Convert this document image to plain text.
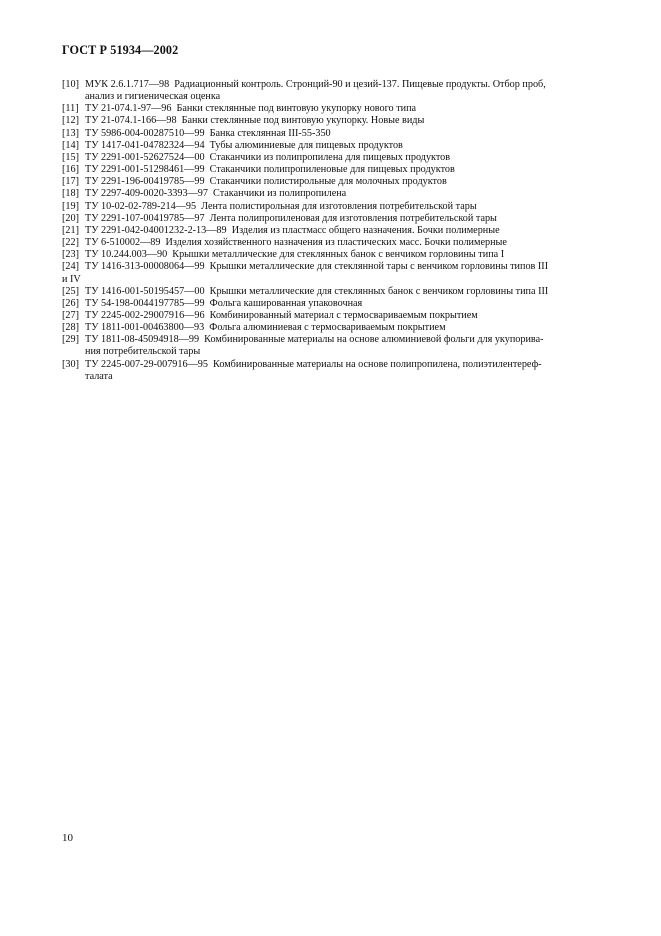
ГОСТ Р 51934—2002
[10] МУК 2.6.1.717—98  Радиационный контроль. Стронций-90 и цезий-137. Пищевые продукты. Отбор проб,
анализ и гигиеническая оценка
[11] ТУ 21-074.1-97—96  Банки стеклянные под винтовую укупорку нового типа
[12] ТУ 21-074.1-166—98  Банки стеклянные под винтовую укупорку. Новые виды
[13] ТУ 5986-004-00287510—99  Банка стеклянная III-55-350
[14] ТУ 1417-041-04782324—94  Тубы алюминиевые для пищевых продуктов
[15] ТУ 2291-001-52627524—00  Стаканчики из полипропилена для пищевых продуктов
[16] ТУ 2291-001-51298461—99  Стаканчики полипропиленовые для пищевых продуктов
[17] ТУ 2291-196-00419785—99  Стаканчики полистирольные для молочных продуктов
[18] ТУ 2297-409-0020-3393—97  Стаканчики из полипропилена
[19] ТУ 10-02-02-789-214—95  Лента полистирольная для изготовления потребительской тары
[20] ТУ 2291-107-00419785—97  Лента полипропиленовая для изготовления потребительской тары
[21] ТУ 2291-042-04001232-2-13—89  Изделия из пластмасс общего назначения. Бочки полимерные
[22] ТУ 6-510002—89  Изделия хозяйственного назначения из пластических масс. Бочки полимерные
[23] ТУ 10.244.003—90  Крышки металлические для стеклянных банок с венчиком горловины типа I
[24] ТУ 1416-313-00008064—99  Крышки металлические для стеклянной тары с венчиком горловины типов III
и IV
[25] ТУ 1416-001-50195457—00  Крышки металлические для стеклянных банок с венчиком горловины типа III
[26] ТУ 54-198-0044197785—99  Фольга кашированная упаковочная
[27] ТУ 2245-002-29007916—96  Комбинированный материал с термосвариваемым покрытием
[28] ТУ 1811-001-00463800—93  Фольга алюминиевая с термосвариваемым покрытием
[29] ТУ 1811-08-45094918—99  Комбинированные материалы на основе алюминиевой фольги для укупорива-
ния потребительской тары
[30] ТУ 2245-007-29-007916—95  Комбинированные материалы на основе полипропилена, полиэтилентереф-
талата
10
